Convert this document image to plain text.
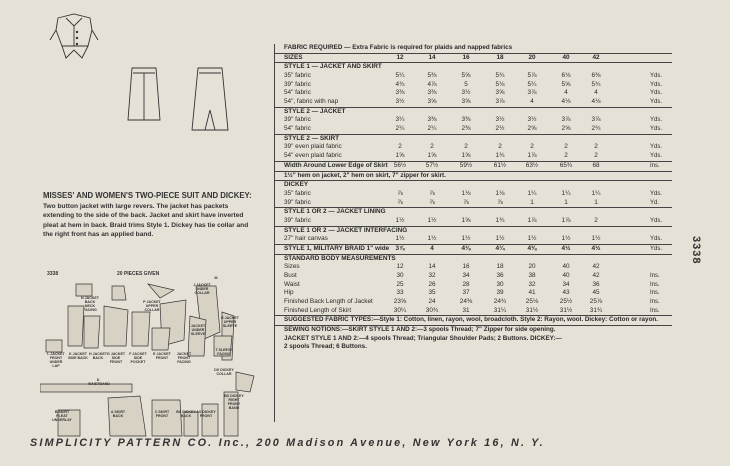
MISSES' AND WOMEN'S TWO-PIECE SUIT AND DICKEY: Two button jacket with large revers. The jacket has packets extending to the side of the back. Jacket and skirt have inverted pleat at hem in back. Braid trims Style 1. Dickey has tie collar and the right front has an applied band.
3338	20 PIECES GIVEN
N JACKET BACK NECK FACING
P JACKET UPPER COLLAR
J JACKET UNDER COLLAR
M
JACKET UNDER SLEEVE
R JACKET UPPER SLEEVE
L JACKET FRONT UNDER LAP
K JACKET SIDE BACK
H JACKET BACK
G JACKET SIDE FRONT
F JACKET SIDE POCKET
E JACKET FRONT
JACKET FRONT FACING
T SLEEVE FACING
DX DICKEY COLLAR
D WAISTBAND
B SKIRT PLEAT UNDERLAY
A SKIRT BACK
C SKIRT FRONT
BX DICKEY BACK
AX DICKEY FRONT
BX DICKEY RIGHT FRONT BAND
FABRIC REQUIRED — Extra Fabric is required for plaids and napped fabrics
SIZES	12	14	16	18	20	40	42
STYLE 1 — JACKET AND SKIRT
35" fabric	5¼	5⅜	5⅝	5¾	5⅞	6⅛	6⅜	Yds.
39" fabric	4¾	4⅞	5	5⅛	5¼	5⅝	5¾	Yds.
54" fabric	3⅜	3⅜	3½	3⅝	3⅞	4	4	Yds.
54", fabric with nap	3½	3⅝	3⅝	3⅞	4	4⅛	4⅛	Yds.
STYLE 2 — JACKET
39" fabric	3¼	3⅜	3⅜	3½	3½	3⅞	3⅞	Yds.
54" fabric	2¼	2¼	2⅜	2½	2⅝	2⅝	2¾	Yds.
STYLE 2 — SKIRT
39" even plaid fabric	2	2	2	2	2	2	2	Yds.
54" even plaid fabric	1⅝	1⅝	1⅝	1¾	1⅞	2	2	Yds.
Width Around Lower Edge of Skirt 56½	57½	59½	61½	63½	65¾	68	Ins.
1½" hem on jacket, 2" hem on skirt, 7" zipper for skirt.
DICKEY
35" fabric	⅞	⅞	1⅛	1⅛	1¼	1¼	1¼	Yds.
39" fabric	⅞	⅞	⅞	⅞	1	1	1	Yd.
STYLE 1 OR 2 — JACKET LINING
39" fabric	1½	1½	1⅝	1¾	1⅞	1⅞	2	Yds.
STYLE 1 OR 2 — JACKET INTERFACING
27" hair canvas	1½	1½	1½	1½	1½	1½	1½	Yds.
STYLE 1, MILITARY BRAID 1" wide 3⅞	4	4⅛	4¼	4⅜	4½	4½	Yds.
STANDARD BODY MEASUREMENTS
Sizes	12	14	16	18	20	40	42
Bust	30	32	34	36	38	40	42	Ins.
Waist	25	26	28	30	32	34	36	Ins.
Hip	33	35	37	39	41	43	45	Ins.
Finished Back Length of Jacket	23⅝	24	24⅜	24¾	25⅛	25½	25⅞	Ins.
Finished Length of Skirt	30¼	30¾	31	31¼	31½	31½	31¾	Ins.
SUGGESTED FABRIC TYPES:—Style 1: Cotton, linen, rayon, wool, broadcloth. Style 2: Rayon, wool. Dickey: Cotton or rayon.
SEWING NOTIONS:—SKIRT STYLE 1 AND 2:—3 spools Thread; 7" Zipper for side opening.
JACKET STYLE 1 AND 2:—4 spools Thread; Triangular Shoulder Pads; 2 Buttons. DICKEY:—
2 spools Thread; 6 Buttons.
3338
SIMPLICITY PATTERN CO. Inc., 200 Madison Avenue, New York 16, N. Y.
